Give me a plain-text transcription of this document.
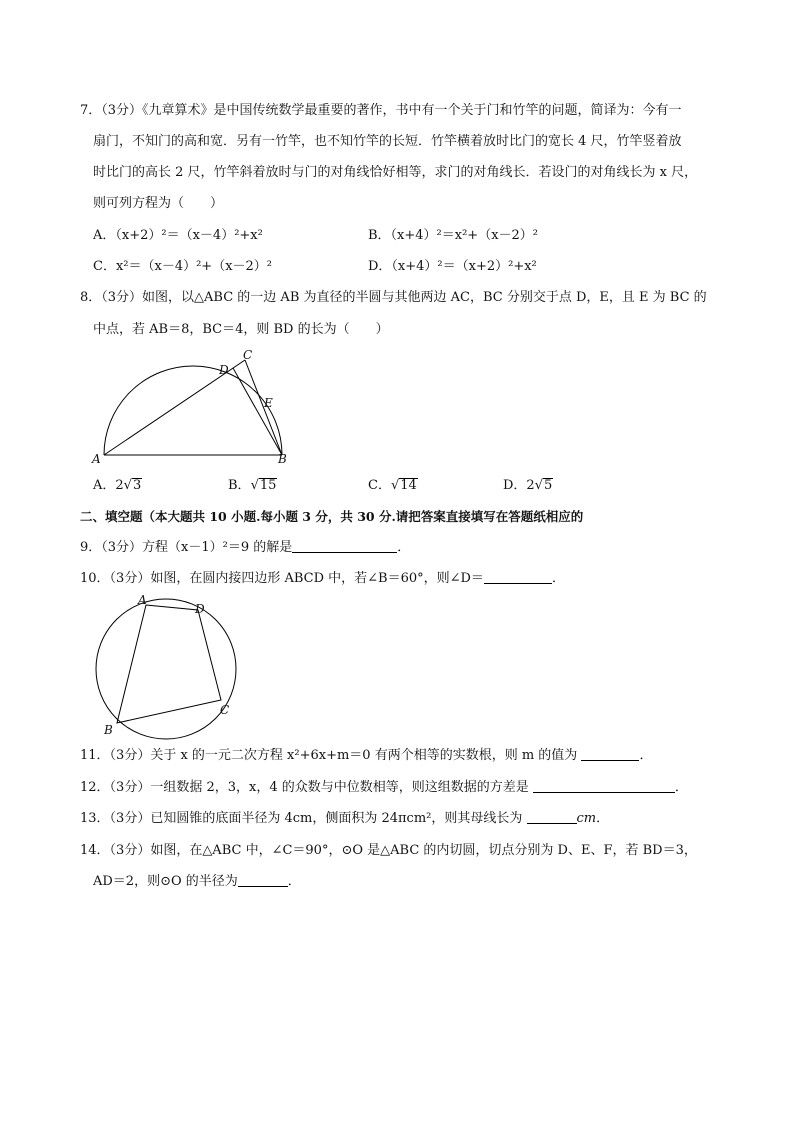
7．（3分）《九章算术》是中国传统数学最重要的著作，书中有一个关于门和竹竿的问题，简译为：今有一
扇门，不知门的高和宽．另有一竹竿，也不知竹竿的长短．竹竿横着放时比门的宽长 4 尺，竹竿竖着放
时比门的高长 2 尺，竹竿斜着放时与门的对角线恰好相等，求门的对角线长．若设门的对角线长为 x 尺，
则可列方程为（　　）
A．（x+2）²＝（x－4）²+x²	B．（x+4）²＝x²+（x－2）²
C．x²＝（x－4）²+（x－2）²	D．（x+4）²＝（x+2）²+x²
8．（3分）如图，以△ABC 的一边 AB 为直径的半圆与其他两边 AC，BC 分别交于点 D，E，且 E 为 BC 的
中点，若 AB＝8，BC＝4，则 BD 的长为（　　）
A	B
C
D
E
A．2√3	B．√15	C．√14	D．2√5
二、填空题（本大题共 10 小题.每小题 3 分，共 30 分.请把答案直接填写在答题纸相应的
9．（3分）方程（x－1）²＝9 的解是	．
10．（3分）如图，在圆内接四边形 ABCD 中，若∠B＝60°，则∠D＝	．
A
D
C
B
11．（3分）关于 x 的一元二次方程 x²+6x+m＝0 有两个相等的实数根，则 m 的值为	．
12．（3分）一组数据 2，3，x，4 的众数与中位数相等，则这组数据的方差是	．
13．（3分）已知圆锥的底面半径为 4cm，侧面积为 24πcm²，则其母线长为	cm．
14．（3分）如图，在△ABC 中，∠C＝90°，⊙O 是△ABC 的内切圆，切点分别为 D、E、F，若 BD＝3，
AD＝2，则⊙O 的半径为	．
